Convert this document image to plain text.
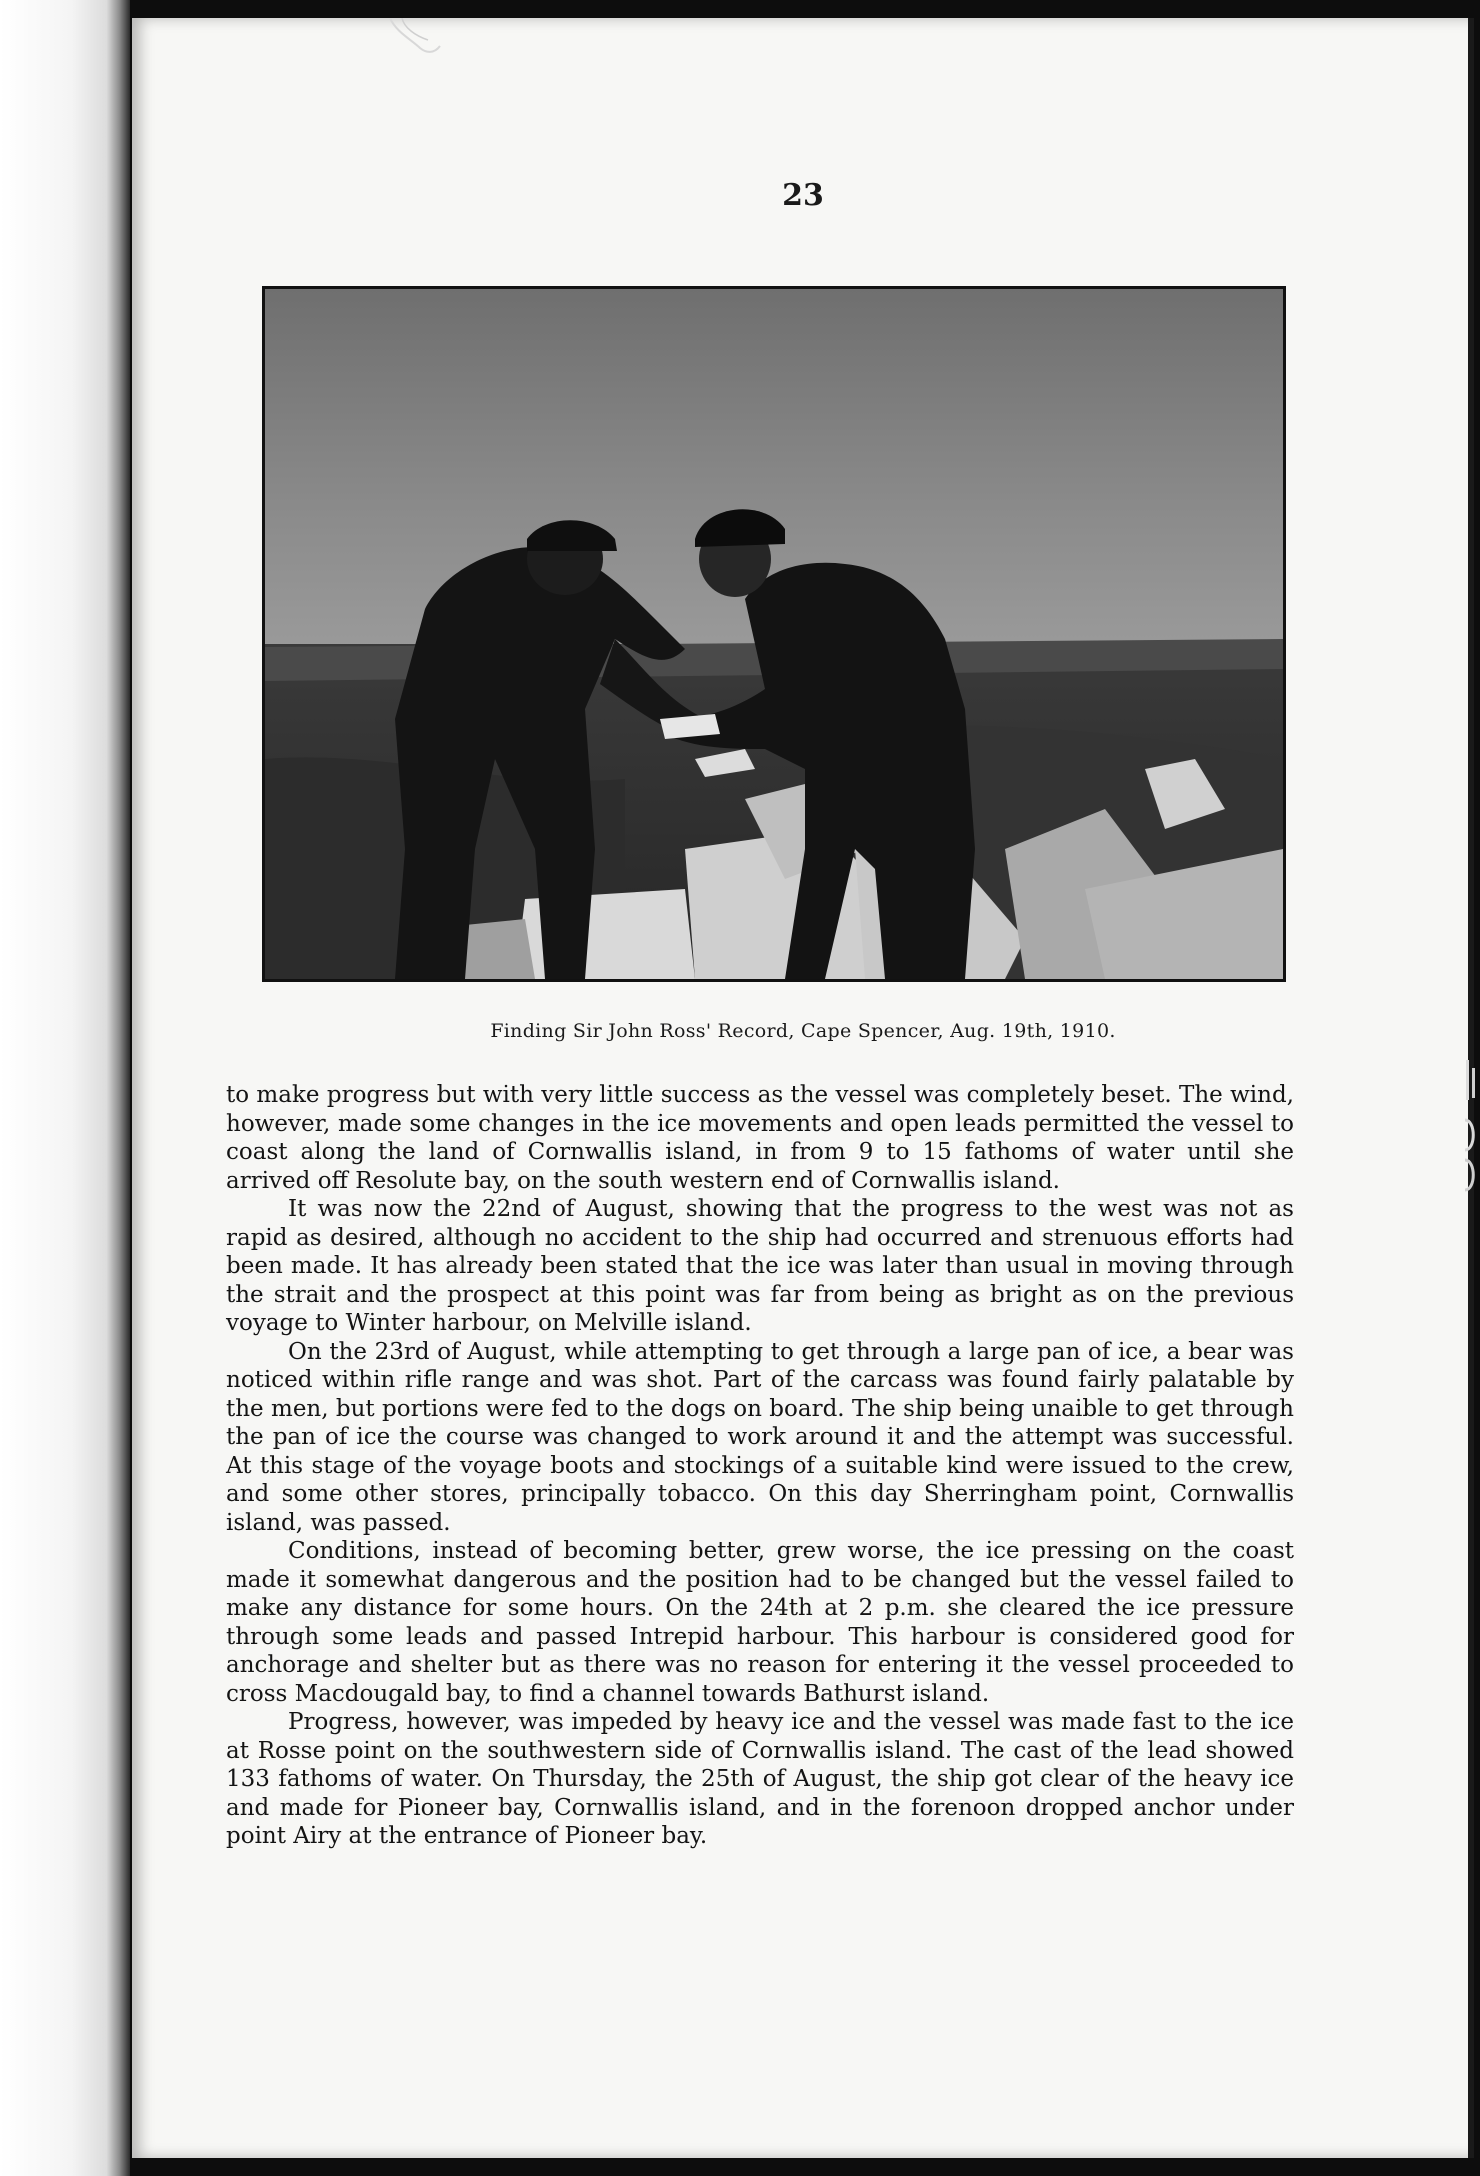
23
Finding Sir John Ross' Record, Cape Spencer, Aug. 19th, 1910.

to make progress but with very little success as the vessel was completely beset. The wind, however, made some changes in the ice movements and open leads permitted the vessel to coast along the land of Cornwallis island, in from 9 to 15 fathoms of water until she arrived off Resolute bay, on the south western end of Cornwallis island.

It was now the 22nd of August, showing that the progress to the west was not as rapid as desired, although no accident to the ship had occurred and strenuous efforts had been made. It has already been stated that the ice was later than usual in moving through the strait and the prospect at this point was far from being as bright as on the previous voyage to Winter harbour, on Melville island.

On the 23rd of August, while attempting to get through a large pan of ice, a bear was noticed within rifle range and was shot. Part of the carcass was found fairly palatable by the men, but portions were fed to the dogs on board. The ship being unaible to get through the pan of ice the course was changed to work around it and the attempt was successful. At this stage of the voyage boots and stockings of a suitable kind were issued to the crew, and some other stores, principally tobacco. On this day Sherringham point, Cornwallis island, was passed.

Conditions, instead of becoming better, grew worse, the ice pressing on the coast made it somewhat dangerous and the position had to be changed but the vessel failed to make any distance for some hours. On the 24th at 2 p.m. she cleared the ice pressure through some leads and passed Intrepid harbour. This harbour is considered good for anchorage and shelter but as there was no reason for entering it the vessel proceeded to cross Macdougald bay, to find a channel towards Bathurst island.

Progress, however, was impeded by heavy ice and the vessel was made fast to the ice at Rosse point on the southwestern side of Cornwallis island. The cast of the lead showed 133 fathoms of water. On Thursday, the 25th of August, the ship got clear of the heavy ice and made for Pioneer bay, Cornwallis island, and in the forenoon dropped anchor under point Airy at the entrance of Pioneer bay.
